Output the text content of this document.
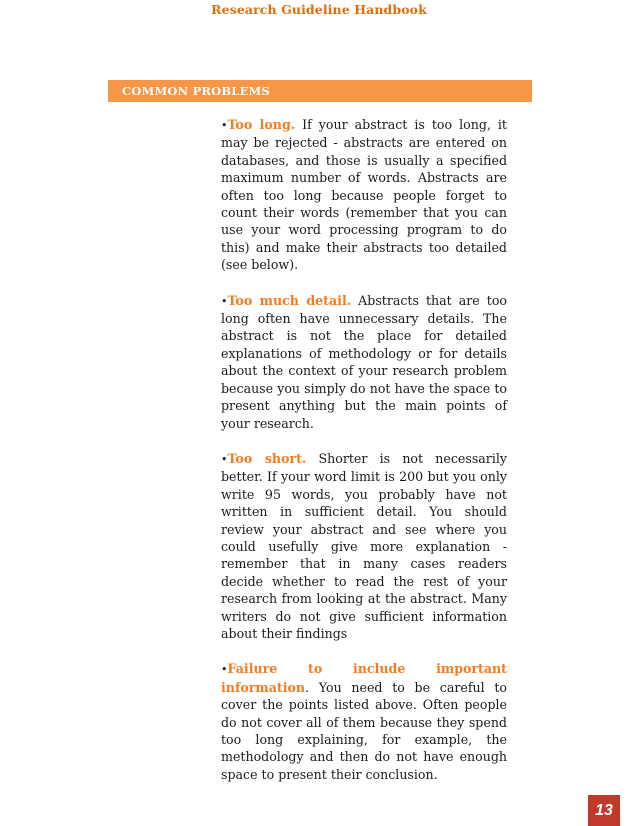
Research Guideline Handbook
COMMON PROBLEMS

•Too long. If your abstract is too long, it may be rejected - abstracts are entered on databases, and those is usually a specified maximum number of words. Abstracts are often too long because people forget to count their words (remember that you can use your word processing program to do this) and make their abstracts too detailed (see below).

•Too much detail. Abstracts that are too long often have unnecessary details. The abstract is not the place for detailed explanations of methodology or for details about the context of your research problem because you simply do not have the space to present anything but the main points of your research.

•Too short. Shorter is not necessarily better. If your word limit is 200 but you only write 95 words, you probably have not written in sufficient detail. You should review your abstract and see where you could usefully give more explanation - remember that in many cases readers decide whether to read the rest of your research from looking at the abstract. Many writers do not give sufficient information about their findings

•Failure to include important information. You need to be careful to cover the points listed above. Often people do not cover all of them because they spend too long explaining, for example, the methodology and then do not have enough space to present their conclusion.

13
